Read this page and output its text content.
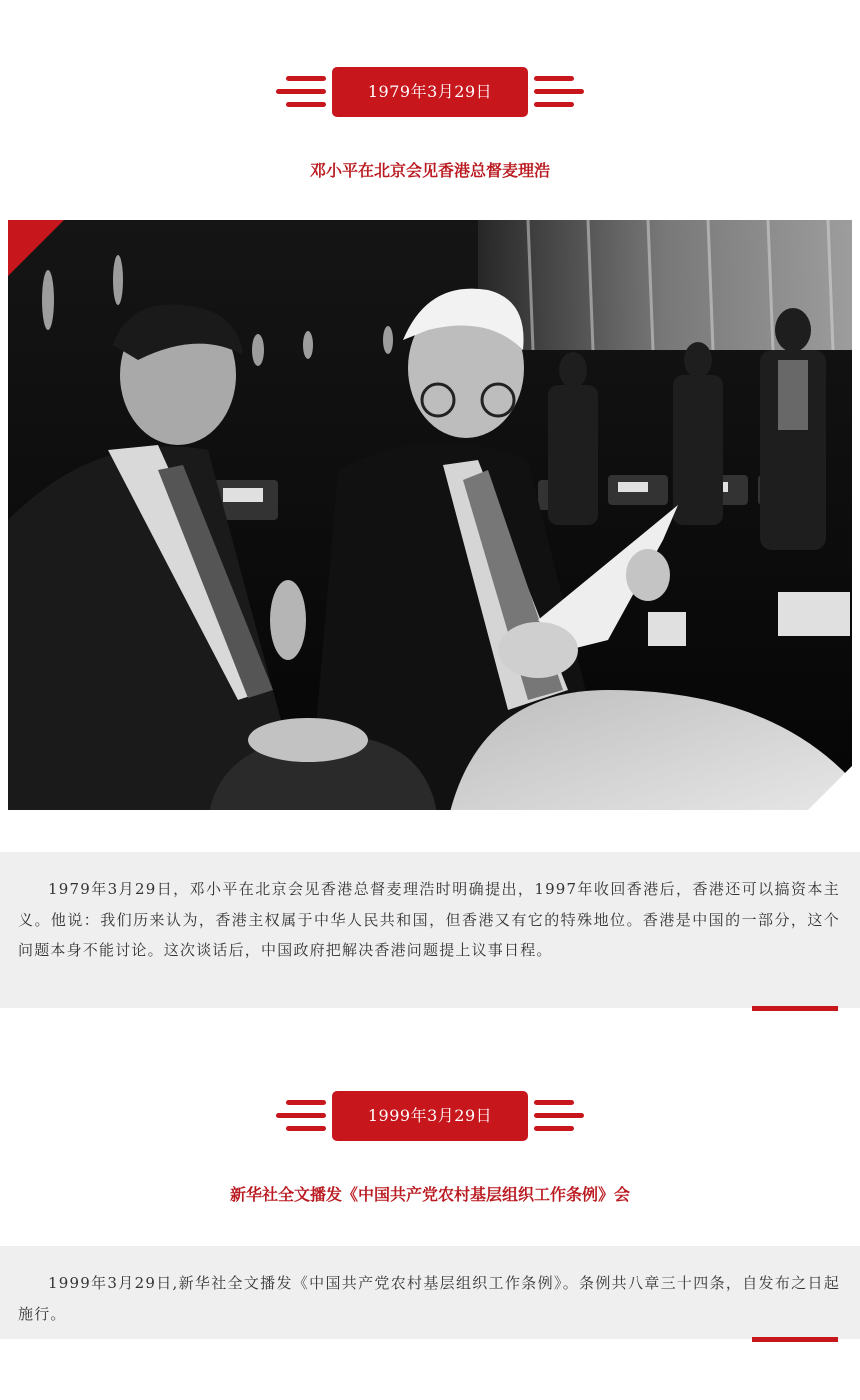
1979年3月29日
邓小平在北京会见香港总督麦理浩

1979年3月29日，邓小平在北京会见香港总督麦理浩时明确提出，1997年收回香港后，香港还可以搞资本主义。他说：我们历来认为，香港主权属于中华人民共和国，但香港又有它的特殊地位。香港是中国的一部分，这个问题本身不能讨论。这次谈话后，中国政府把解决香港问题提上议事日程。

1999年3月29日
新华社全文播发《中国共产党农村基层组织工作条例》会

1999年3月29日,新华社全文播发《中国共产党农村基层组织工作条例》。条例共八章三十四条，自发布之日起施行。
